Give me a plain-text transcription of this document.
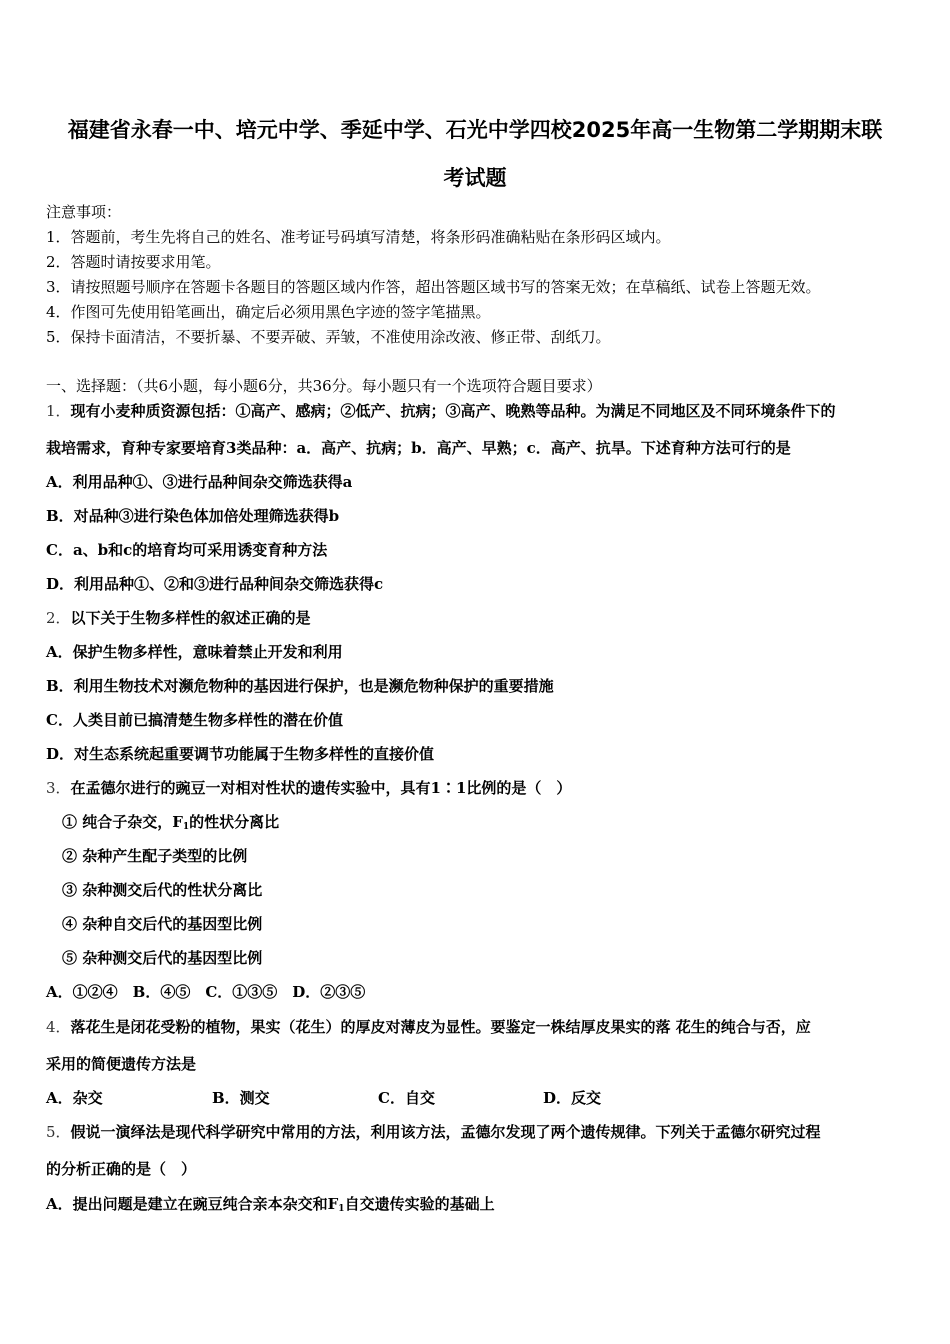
福建省永春一中、培元中学、季延中学、石光中学四校2025年高一生物第二学期期末联
考试题
注意事项：
1．答题前，考生先将自己的姓名、准考证号码填写清楚，将条形码准确粘贴在条形码区域内。
2．答题时请按要求用笔。
3．请按照题号顺序在答题卡各题目的答题区域内作答，超出答题区域书写的答案无效；在草稿纸、试卷上答题无效。
4．作图可先使用铅笔画出，确定后必须用黑色字迹的签字笔描黑。
5．保持卡面清洁，不要折暴、不要弄破、弄皱，不准使用涂改液、修正带、刮纸刀。
一、选择题：（共6小题，每小题6分，共36分。每小题只有一个选项符合题目要求）
1．现有小麦种质资源包括：①高产、感病；②低产、抗病；③高产、晚熟等品种。为满足不同地区及不同环境条件下的
栽培需求，育种专家要培育3类品种：a．高产、抗病；b．高产、早熟；c．高产、抗旱。下述育种方法可行的是
A．利用品种①、③进行品种间杂交筛选获得a
B．对品种③进行染色体加倍处理筛选获得b
C．a、b和c的培育均可采用诱变育种方法
D．利用品种①、②和③进行品种间杂交筛选获得c
2．以下关于生物多样性的叙述正确的是
A．保护生物多样性，意味着禁止开发和利用
B．利用生物技术对濒危物种的基因进行保护，也是濒危物种保护的重要措施
C．人类目前已搞清楚生物多样性的潜在价值
D．对生态系统起重要调节功能属于生物多样性的直接价值
3．在孟德尔进行的豌豆一对相对性状的遗传实验中，具有1∶1比例的是（　）
① 纯合子杂交，$F_1$的性状分离比
② 杂种产生配子类型的比例
③ 杂种测交后代的性状分离比
④ 杂种自交后代的基因型比例
⑤ 杂种测交后代的基因型比例
A．①②④　B．④⑤　C．①③⑤　D．②③⑤
4．落花生是闭花受粉的植物，果实（花生）的厚皮对薄皮为显性。要鉴定一株结厚皮果实的落 花生的纯合与否，应
采用的简便遗传方法是
A．杂交	B．测交	C．自交	D．反交
5．假说一演绎法是现代科学研究中常用的方法，利用该方法，孟德尔发现了两个遗传规律。下列关于孟德尔研究过程
的分析正确的是（　）
A．提出问题是建立在豌豆纯合亲本杂交和$F_1$自交遗传实验的基础上
